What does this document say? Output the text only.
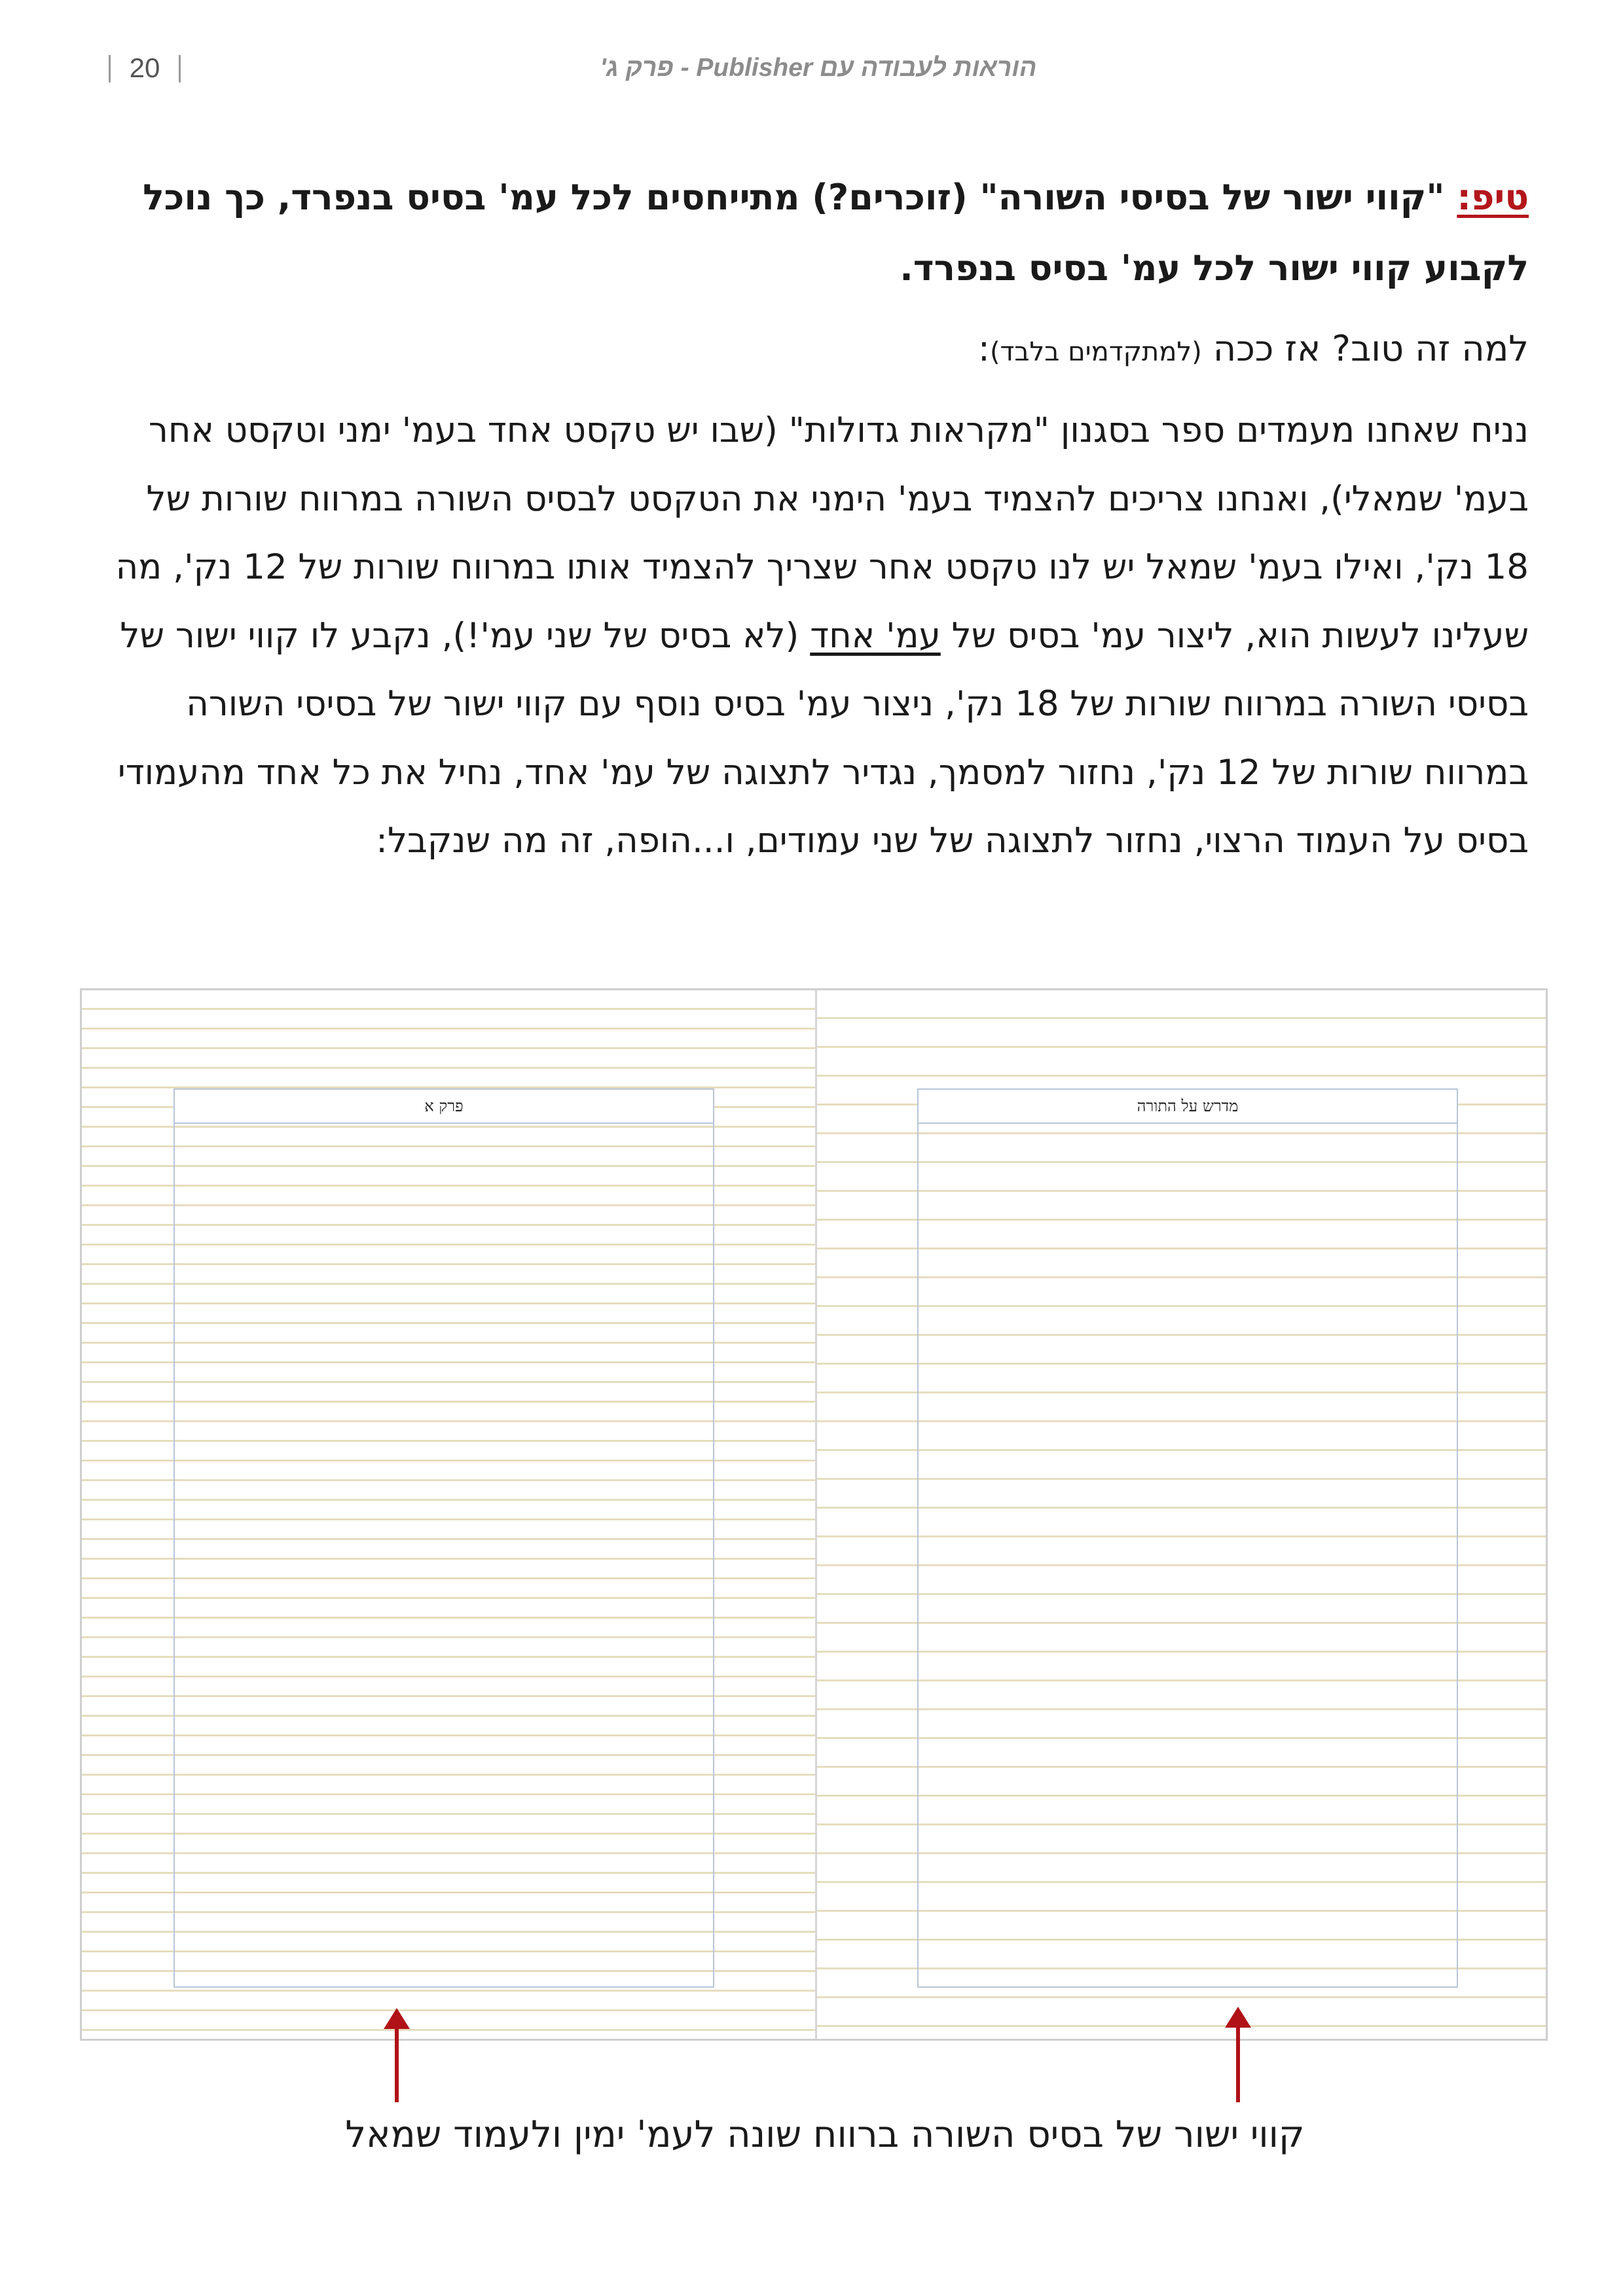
20	הוראות לעבודה עם Publisher - פרק ג'
טיפ: "קווי ישור של בסיסי השורה" (זוכרים?) מתייחסים לכל עמ' בסיס בנפרד, כך נוכל לקבוע קווי ישור לכל עמ' בסיס בנפרד.
למה זה טוב? אז ככה (למתקדמים בלבד):
נניח שאחנו מעמדים ספר בסגנון "מקראות גדולות" (שבו יש טקסט אחד בעמ' ימני וטקסט אחר בעמ' שמאלי), ואנחנו צריכים להצמיד בעמ' הימני את הטקסט לבסיס השורה במרווח שורות של 18 נק', ואילו בעמ' שמאל יש לנו טקסט אחר שצריך להצמיד אותו במרווח שורות של 12 נק', מה שעלינו לעשות הוא, ליצור עמ' בסיס של עמ' אחד (לא בסיס של שני עמ'!), נקבע לו קווי ישור של בסיסי השורה במרווח שורות של 18 נק', ניצור עמ' בסיס נוסף עם קווי ישור של בסיסי השורה במרווח שורות של 12 נק', נחזור למסמך, נגדיר לתצוגה של עמ' אחד, נחיל את כל אחד מהעמודי בסיס על העמוד הרצוי, נחזור לתצוגה של שני עמודים, ו...הופה, זה מה שנקבל:
פרק א	מדרש על התורה
קווי ישור של בסיס השורה ברווח שונה לעמ' ימין ולעמוד שמאל
